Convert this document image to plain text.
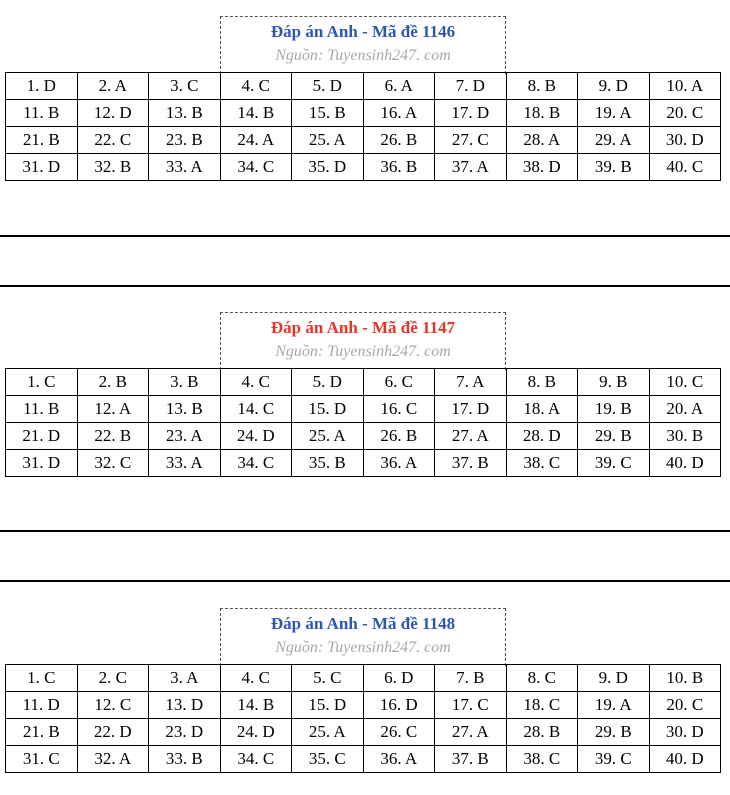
Đáp án Anh - Mã đề 1146
Nguồn: Tuyensinh247. com
1. D	2. A	3. C	4. C	5. D	6. A	7. D	8. B	9. D	10. A
11. B	12. D	13. B	14. B	15. B	16. A	17. D	18. B	19. A	20. C
21. B	22. C	23. B	24. A	25. A	26. B	27. C	28. A	29. A	30. D
31. D	32. B	33. A	34. C	35. D	36. B	37. A	38. D	39. B	40. C
Đáp án Anh - Mã đề 1147
Nguồn: Tuyensinh247. com
1. C	2. B	3. B	4. C	5. D	6. C	7. A	8. B	9. B	10. C
11. B	12. A	13. B	14. C	15. D	16. C	17. D	18. A	19. B	20. A
21. D	22. B	23. A	24. D	25. A	26. B	27. A	28. D	29. B	30. B
31. D	32. C	33. A	34. C	35. B	36. A	37. B	38. C	39. C	40. D
Đáp án Anh - Mã đề 1148
Nguồn: Tuyensinh247. com
1. C	2. C	3. A	4. C	5. C	6. D	7. B	8. C	9. D	10. B
11. D	12. C	13. D	14. B	15. D	16. D	17. C	18. C	19. A	20. C
21. B	22. D	23. D	24. D	25. A	26. C	27. A	28. B	29. B	30. D
31. C	32. A	33. B	34. C	35. C	36. A	37. B	38. C	39. C	40. D
